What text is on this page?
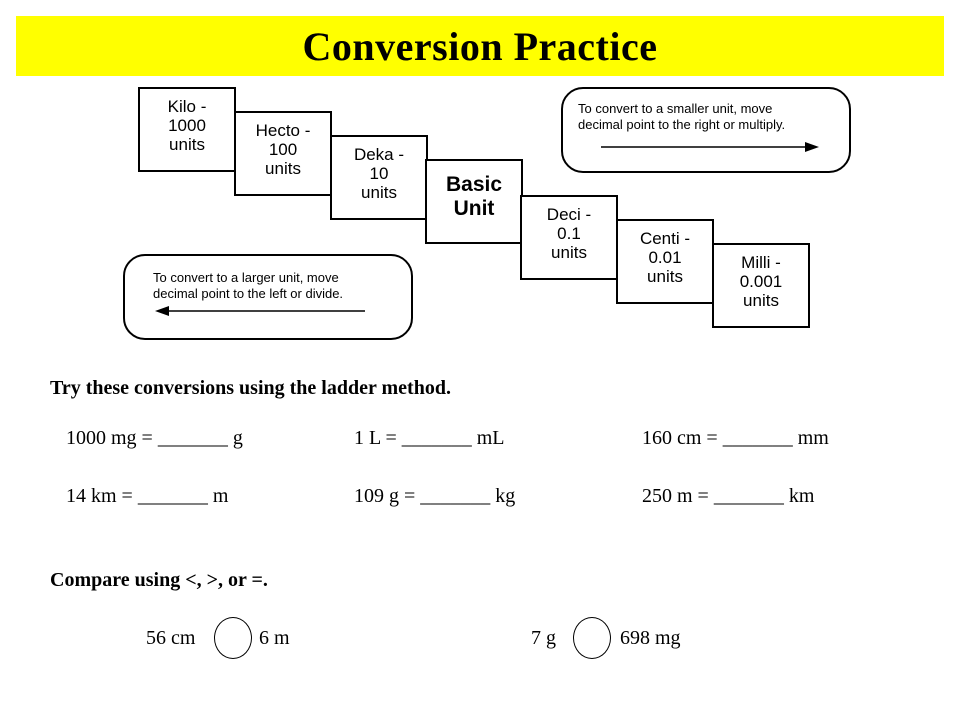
Conversion Practice
Kilo -
1000
units
Hecto -
100
units
Deka -
10
units Basic
Unit	Deci -
0.1
units
Centi -
0.01
units
Milli -
0.001
units
To convert to a smaller unit, move
decimal point to the right or multiply.
To convert to a larger unit, move
decimal point to the left or divide.
Try these conversions using the ladder method.
1000 mg = _______ g	1 L = _______ mL	160 cm = _______ mm
14 km = _______ m	109 g = _______ kg	250 m = _______ km
Compare using <, >, or =.
56 cm	6 m	7 g	698 mg
